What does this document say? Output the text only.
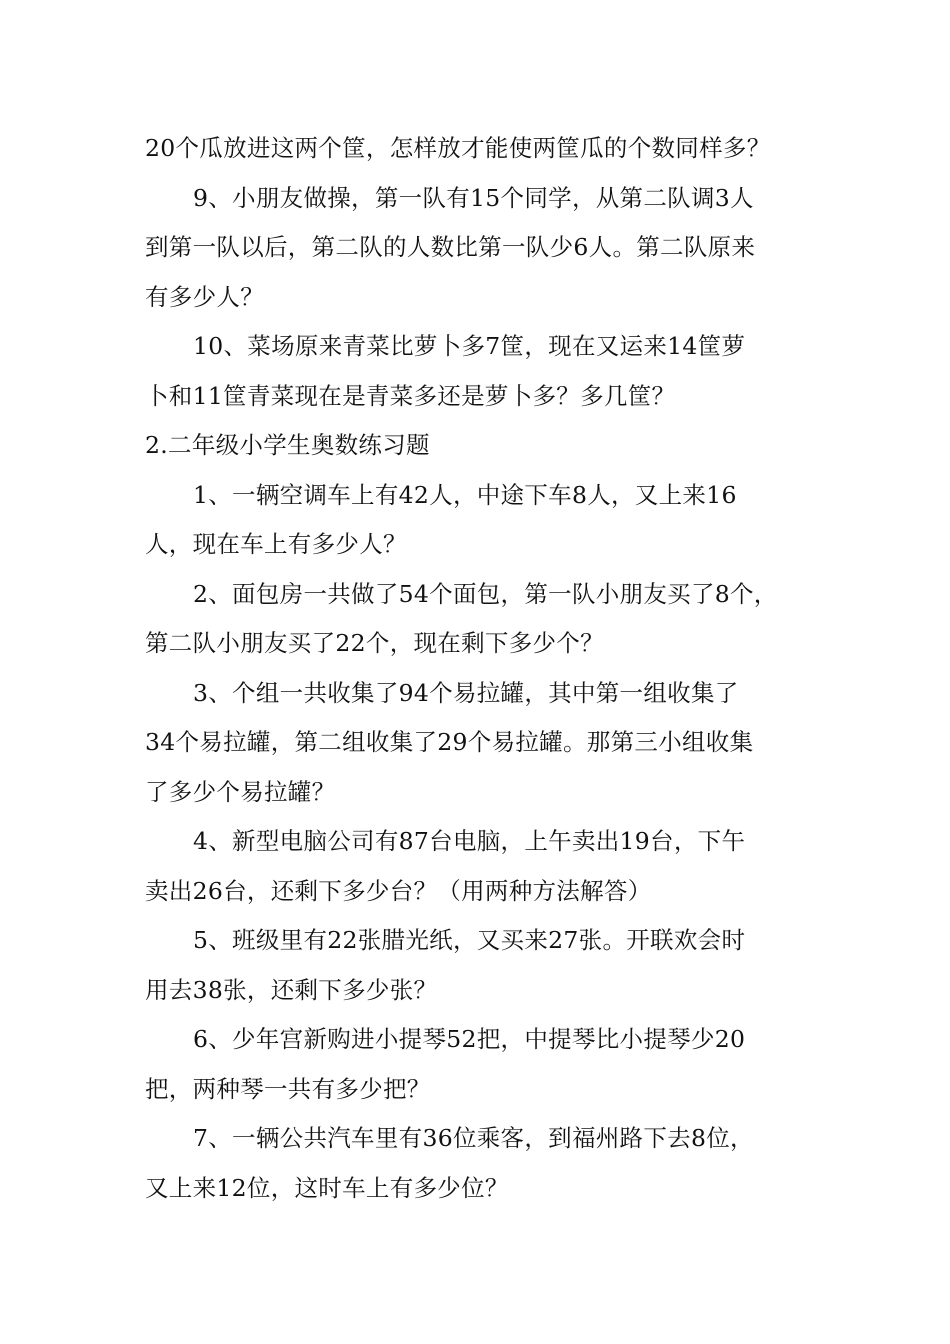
20个瓜放进这两个筐，怎样放才能使两筐瓜的个数同样多？
9、小朋友做操，第一队有15个同学，从第二队调3人
到第一队以后，第二队的人数比第一队少6人。第二队原来
有多少人？
10、菜场原来青菜比萝卜多7筐，现在又运来14筐萝
卜和11筐青菜现在是青菜多还是萝卜多？多几筐？
2.二年级小学生奥数练习题
1、一辆空调车上有42人，中途下车8人，又上来16
人，现在车上有多少人？
2、面包房一共做了54个面包，第一队小朋友买了8个，
第二队小朋友买了22个，现在剩下多少个？
3、个组一共收集了94个易拉罐，其中第一组收集了
34个易拉罐，第二组收集了29个易拉罐。那第三小组收集
了多少个易拉罐？
4、新型电脑公司有87台电脑，上午卖出19台，下午
卖出26台，还剩下多少台？（用两种方法解答）
5、班级里有22张腊光纸，又买来27张。开联欢会时
用去38张，还剩下多少张？
6、少年宫新购进小提琴52把，中提琴比小提琴少20
把，两种琴一共有多少把？
7、一辆公共汽车里有36位乘客，到福州路下去8位，
又上来12位，这时车上有多少位？
